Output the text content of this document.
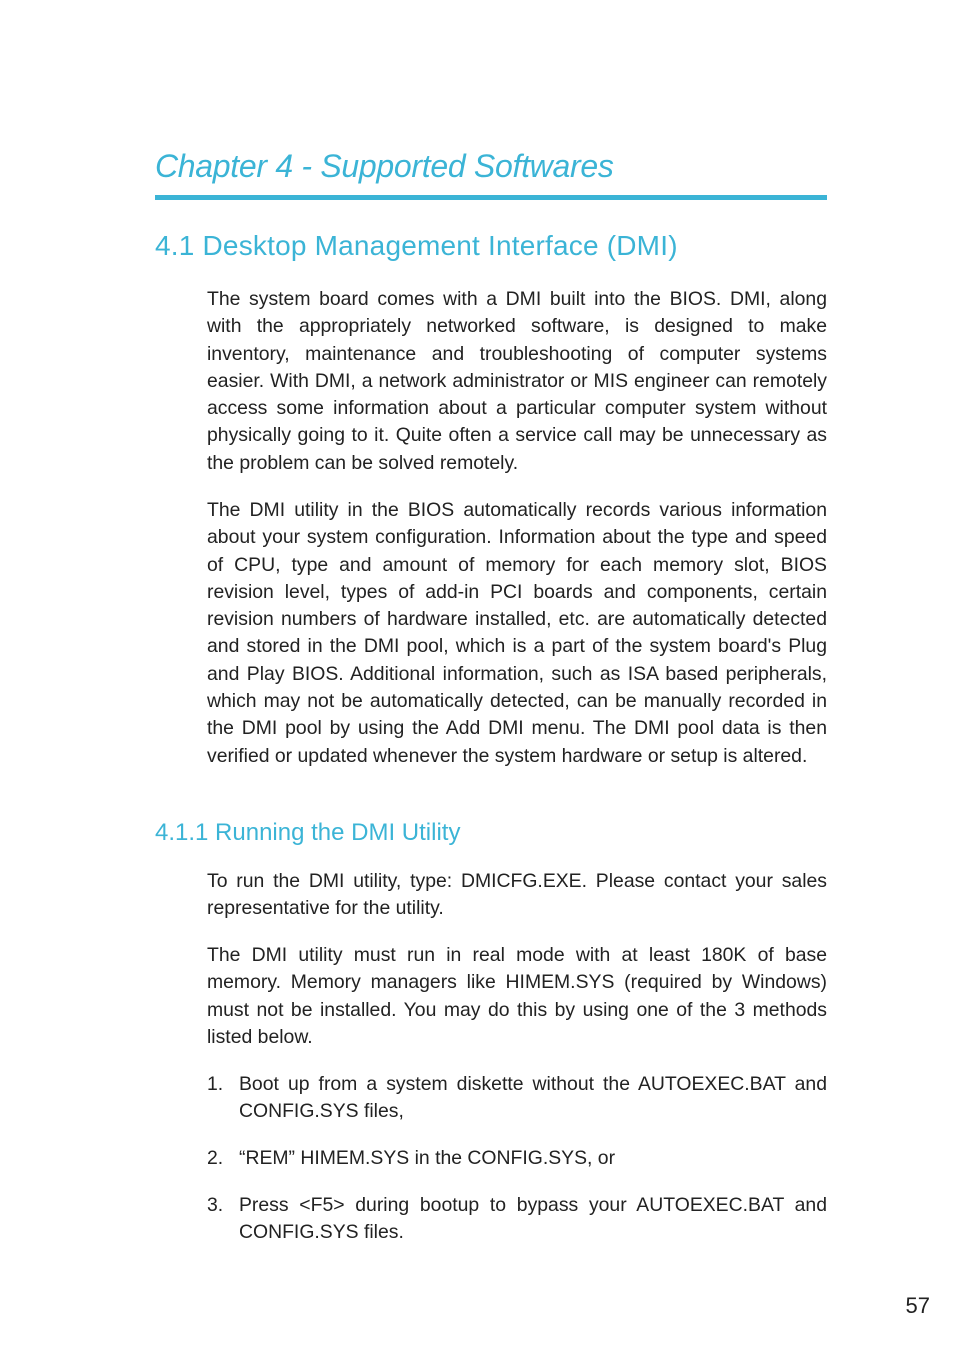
Chapter 4 - Supported Softwares
4.1 Desktop Management Interface (DMI)

The system board comes with a DMI built into the BIOS. DMI, along with the appropriately networked software, is designed to make inventory, maintenance and troubleshooting of computer systems easier. With DMI, a network administrator or MIS engineer can remotely access some information about a particular computer system without physically going to it. Quite often a service call may be unnecessary as the problem can be solved remotely.

The DMI utility in the BIOS automatically records various information about your system configuration. Information about the type and speed of CPU, type and amount of memory for each memory slot, BIOS revision level, types of add-in PCI boards and components, certain revision numbers of hardware installed, etc. are automatically detected and stored in the DMI pool, which is a part of the system board's Plug and Play BIOS. Additional information, such as ISA based peripherals, which may not be automatically detected, can be manually recorded in the DMI pool by using the Add DMI menu. The DMI pool data is then verified or updated whenever the system hardware or setup is altered.

4.1.1 Running the DMI Utility

To run the DMI utility, type: DMICFG.EXE. Please contact your sales representative for the utility.

The DMI utility must run in real mode with at least 180K of base memory. Memory managers like HIMEM.SYS (required by Windows) must not be installed. You may do this by using one of the 3 methods listed below.

1. Boot up from a system diskette without the AUTOEXEC.BAT and CONFIG.SYS files,
2. “REM” HIMEM.SYS in the CONFIG.SYS, or
3. Press <F5> during bootup to bypass your AUTOEXEC.BAT and CONFIG.SYS files.
57
